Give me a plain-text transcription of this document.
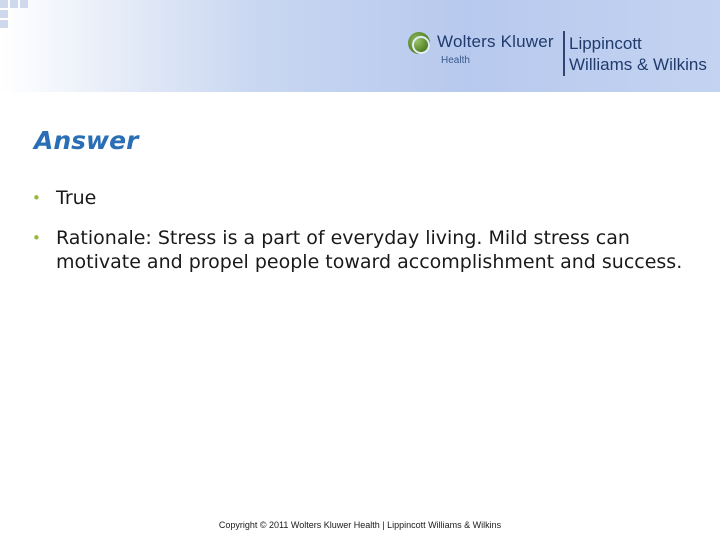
Wolters Kluwer
Health
Lippincott
Williams & Wilkins
Answer
• True
• Rationale: Stress is a part of everyday living. Mild stress can motivate and propel people toward accomplishment and success.
Copyright © 2011 Wolters Kluwer Health | Lippincott Williams & Wilkins
